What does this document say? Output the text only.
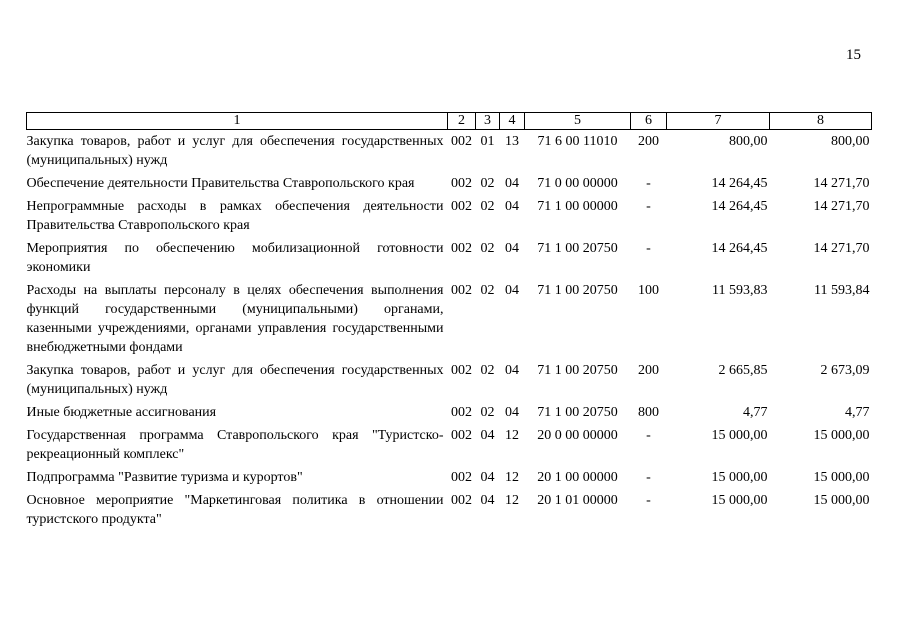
15
1	2	3	4	5	6	7	8
Закупка товаров, работ и услуг для обеспечения государственных (муниципальных) нужд	002	01	13	71 6 00 11010	200	800,00	800,00
Обеспечение деятельности Правительства Ставропольского края	002	02	04	71 0 00 00000	-	14 264,45	14 271,70
Непрограммные расходы в рамках обеспечения деятельности Правительства Ставропольского края	002	02	04	71 1 00 00000	-	14 264,45	14 271,70
Мероприятия по обеспечению мобилизационной готовности экономики	002	02	04	71 1 00 20750	-	14 264,45	14 271,70
Расходы на выплаты персоналу в целях обеспечения выполнения функций государственными (муниципальными) органами, казенными учреждениями, органами управления государственными внебюджетными фондами	002	02	04	71 1 00 20750	100	11 593,83	11 593,84
Закупка товаров, работ и услуг для обеспечения государственных (муниципальных) нужд	002	02	04	71 1 00 20750	200	2 665,85	2 673,09
Иные бюджетные ассигнования	002	02	04	71 1 00 20750	800	4,77	4,77
Государственная программа Ставропольского края "Туристско-рекреационный комплекс"	002	04	12	20 0 00 00000	-	15 000,00	15 000,00
Подпрограмма "Развитие туризма и курортов"	002	04	12	20 1 00 00000	-	15 000,00	15 000,00
Основное мероприятие "Маркетинговая политика в отношении туристского продукта"	002	04	12	20 1 01 00000	-	15 000,00	15 000,00
